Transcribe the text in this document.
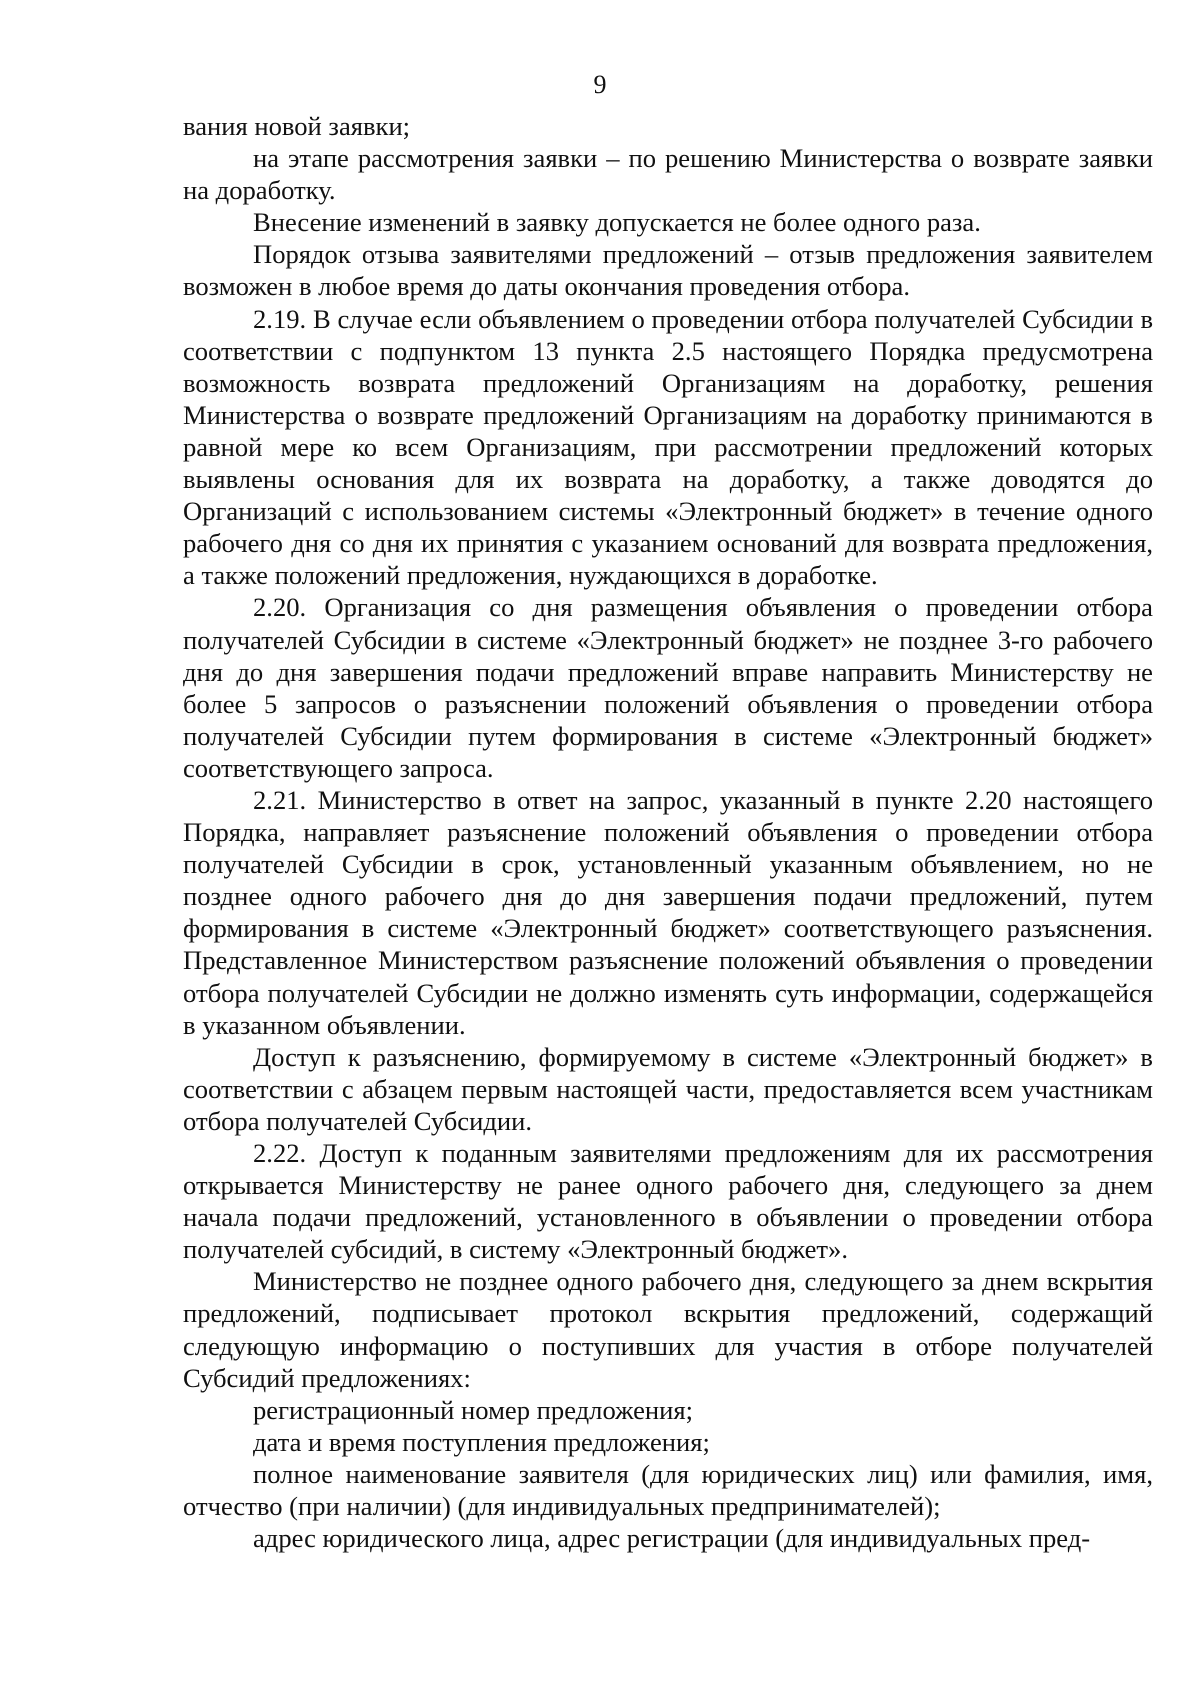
9

вания новой заявки;

на этапе рассмотрения заявки – по решению Министерства о возврате заявки на доработку.

Внесение изменений в заявку допускается не более одного раза.

Порядок отзыва заявителями предложений – отзыв предложения заявителем возможен в любое время до даты окончания проведения отбора.

2.19. В случае если объявлением о проведении отбора получателей Субсидии в соответствии с подпунктом 13 пункта 2.5 настоящего Порядка предусмотрена возможность возврата предложений Организациям на доработку, решения Министерства о возврате предложений Организациям на доработку принимаются в равной мере ко всем Организациям, при рассмотрении предложений которых выявлены основания для их возврата на доработку, а также доводятся до Организаций с использованием системы «Электронный бюджет» в течение одного рабочего дня со дня их принятия с указанием оснований для возврата предложения, а также положений предложения, нуждающихся в доработке.

2.20. Организация со дня размещения объявления о проведении отбора получателей Субсидии в системе «Электронный бюджет» не позднее 3-го рабочего дня до дня завершения подачи предложений вправе направить Министерству не более 5 запросов о разъяснении положений объявления о проведении отбора получателей Субсидии путем формирования в системе «Электронный бюджет» соответствующего запроса.

2.21. Министерство в ответ на запрос, указанный в пункте 2.20 настоящего Порядка, направляет разъяснение положений объявления о проведении отбора получателей Субсидии в срок, установленный указанным объявлением, но не позднее одного рабочего дня до дня завершения подачи предложений, путем формирования в системе «Электронный бюджет» соответствующего разъяснения. Представленное Министерством разъяснение положений объявления о проведении отбора получателей Субсидии не должно изменять суть информации, содержащейся в указанном объявлении.

Доступ к разъяснению, формируемому в системе «Электронный бюджет» в соответствии с абзацем первым настоящей части, предоставляется всем участникам отбора получателей Субсидии.

2.22. Доступ к поданным заявителями предложениям для их рассмотрения открывается Министерству не ранее одного рабочего дня, следующего за днем начала подачи предложений, установленного в объявлении о проведении отбора получателей субсидий, в систему «Электронный бюджет».

Министерство не позднее одного рабочего дня, следующего за днем вскрытия предложений, подписывает протокол вскрытия предложений, содержащий следующую информацию о поступивших для участия в отборе получателей Субсидий предложениях:

регистрационный номер предложения;

дата и время поступления предложения;

полное наименование заявителя (для юридических лиц) или фамилия, имя, отчество (при наличии) (для индивидуальных предпринимателей);

адрес юридического лица, адрес регистрации (для индивидуальных пред-
